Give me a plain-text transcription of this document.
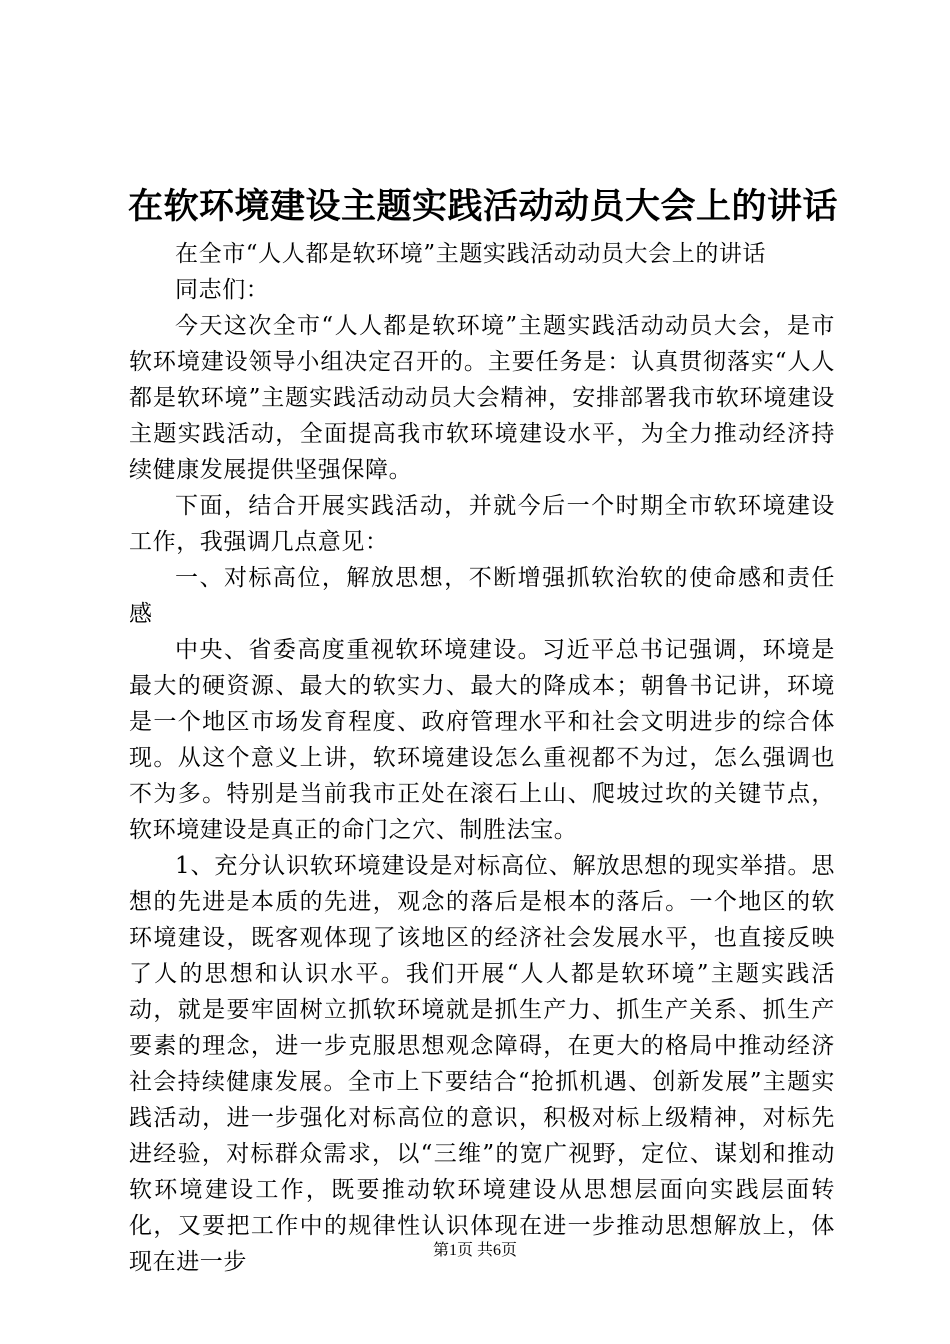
在软环境建设主题实践活动动员大会上的讲话

在全市“人人都是软环境”主题实践活动动员大会上的讲话

同志们：

今天这次全市“人人都是软环境”主题实践活动动员大会，是市软环境建设领导小组决定召开的。主要任务是：认真贯彻落实“人人都是软环境”主题实践活动动员大会精神，安排部署我市软环境建设主题实践活动，全面提高我市软环境建设水平，为全力推动经济持续健康发展提供坚强保障。

下面，结合开展实践活动，并就今后一个时期全市软环境建设工作，我强调几点意见：

一、对标高位，解放思想，不断增强抓软治软的使命感和责任感

中央、省委高度重视软环境建设。习近平总书记强调，环境是最大的硬资源、最大的软实力、最大的降成本；朝鲁书记讲，环境是一个地区市场发育程度、政府管理水平和社会文明进步的综合体现。从这个意义上讲，软环境建设怎么重视都不为过，怎么强调也不为多。特别是当前我市正处在滚石上山、爬坡过坎的关键节点，软环境建设是真正的命门之穴、制胜法宝。

1、充分认识软环境建设是对标高位、解放思想的现实举措。思想的先进是本质的先进，观念的落后是根本的落后。一个地区的软环境建设，既客观体现了该地区的经济社会发展水平，也直接反映了人的思想和认识水平。我们开展“人人都是软环境”主题实践活动，就是要牢固树立抓软环境就是抓生产力、抓生产关系、抓生产要素的理念，进一步克服思想观念障碍，在更大的格局中推动经济社会持续健康发展。全市上下要结合“抢抓机遇、创新发展”主题实践活动，进一步强化对标高位的意识，积极对标上级精神，对标先进经验，对标群众需求，以“三维”的宽广视野，定位、谋划和推动软环境建设工作，既要推动软环境建设从思想层面向实践层面转化，又要把工作中的规律性认识体现在进一步推动思想解放上，体现在进一步	第1页 共6页
